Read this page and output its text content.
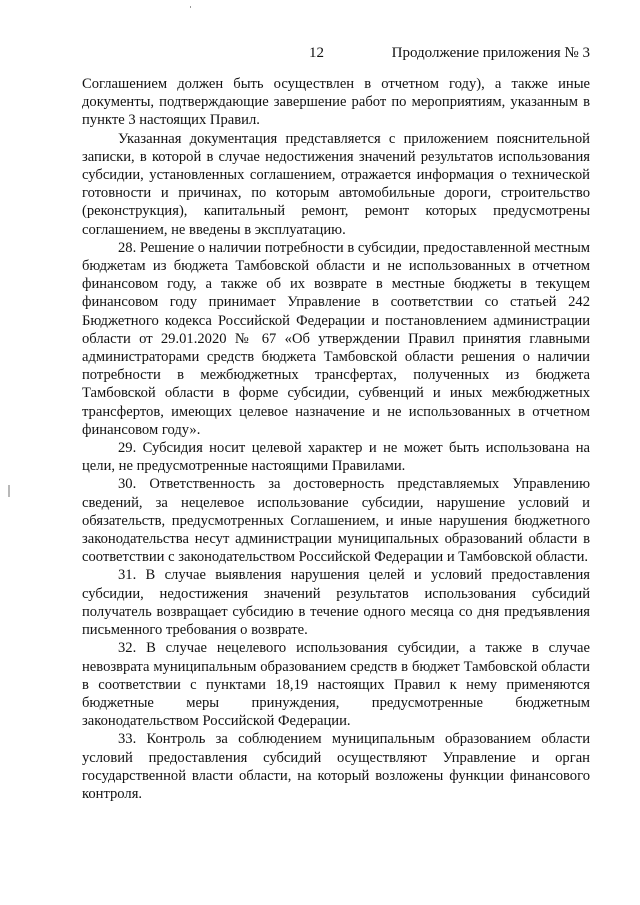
12	Продолжение приложения № 3

Соглашением должен быть осуществлен в отчетном году), а также иные документы, подтверждающие завершение работ по мероприятиям, указанным в пункте 3 настоящих Правил.

Указанная документация представляется с приложением пояснительной записки, в которой в случае недостижения значений результатов использования субсидии, установленных соглашением, отражается информация о технической готовности и причинах, по которым автомобильные дороги, строительство (реконструкция), капитальный ремонт, ремонт которых предусмотрены соглашением, не введены в эксплуатацию.

28. Решение о наличии потребности в субсидии, предоставленной местным бюджетам из бюджета Тамбовской области и не использованных в отчетном финансовом году, а также об их возврате в местные бюджеты в текущем финансовом году принимает Управление в соответствии со статьей 242 Бюджетного кодекса Российской Федерации и постановлением администрации области от 29.01.2020 № 67 «Об утверждении Правил принятия главными администраторами средств бюджета Тамбовской области решения о наличии потребности в межбюджетных трансфертах, полученных из бюджета Тамбовской области в форме субсидии, субвенций и иных межбюджетных трансфертов, имеющих целевое назначение и не использованных в отчетном финансовом году».

29. Субсидия носит целевой характер и не может быть использована на цели, не предусмотренные настоящими Правилами.

30. Ответственность за достоверность представляемых Управлению сведений, за нецелевое использование субсидии, нарушение условий и обязательств, предусмотренных Соглашением, и иные нарушения бюджетного законодательства несут администрации муниципальных образований области в соответствии с законодательством Российской Федерации и Тамбовской области.

31. В случае выявления нарушения целей и условий предоставления субсидии, недостижения значений результатов использования субсидий получатель возвращает субсидию в течение одного месяца со дня предъявления письменного требования о возврате.

32. В случае нецелевого использования субсидии, а также в случае невозврата муниципальным образованием средств в бюджет Тамбовской области в соответствии с пунктами 18,19 настоящих Правил к нему применяются бюджетные меры принуждения, предусмотренные бюджетным законодательством Российской Федерации.

33. Контроль за соблюдением муниципальным образованием области условий предоставления субсидий осуществляют Управление и орган государственной власти области, на который возложены функции финансового контроля.
